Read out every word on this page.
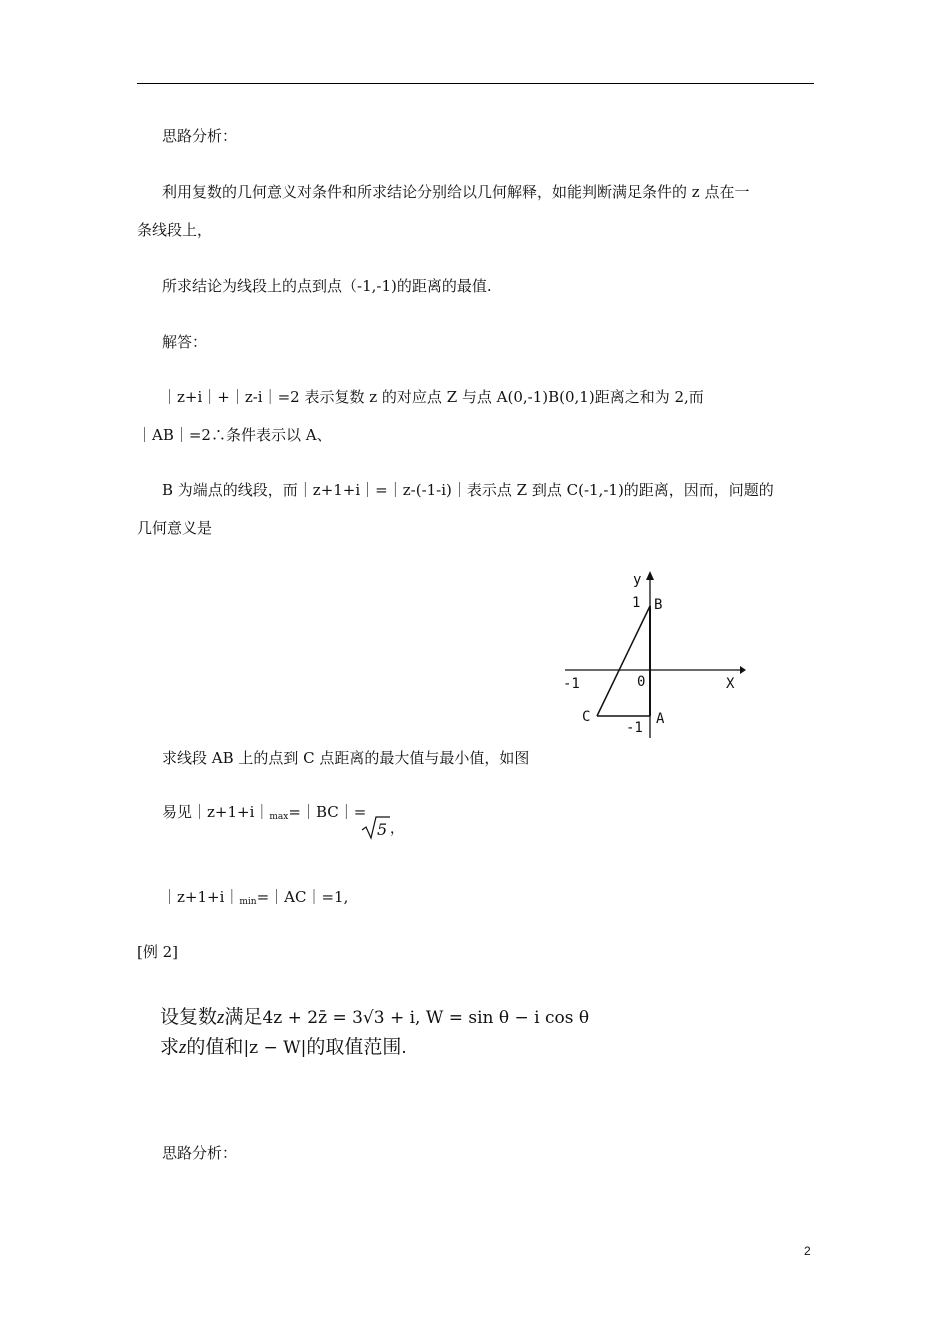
思路分析：
利用复数的几何意义对条件和所求结论分别给以几何解释，如能判断满足条件的 z 点在一
条线段上，
所求结论为线段上的点到点（-1,-1)的距离的最值.
解答：
｜z+i｜+｜z-i｜=2 表示复数 z 的对应点 Z 与点 A(0,-1)B(0,1)距离之和为 2,而
｜AB｜=2∴条件表示以 A、
B 为端点的线段，而｜z+1+i｜=｜z-(-1-i)｜表示点 Z 到点 C(-1,-1)的距离，因而，问题的
几何意义是
y
1 B
-1	0	X
C
-1
A
求线段 AB 上的点到 C 点距离的最大值与最小值，如图
易见$|z+1+i|_{max}=|BC|=$
5 ，
$|z+1+i|_{min}=|AC|=1$,
[例 2]
设复数z满足4z + 2z̄ = 3√3 + i, W = sin θ − i cos θ
求z的值和|z − W|的取值范围.
思路分析：
2
